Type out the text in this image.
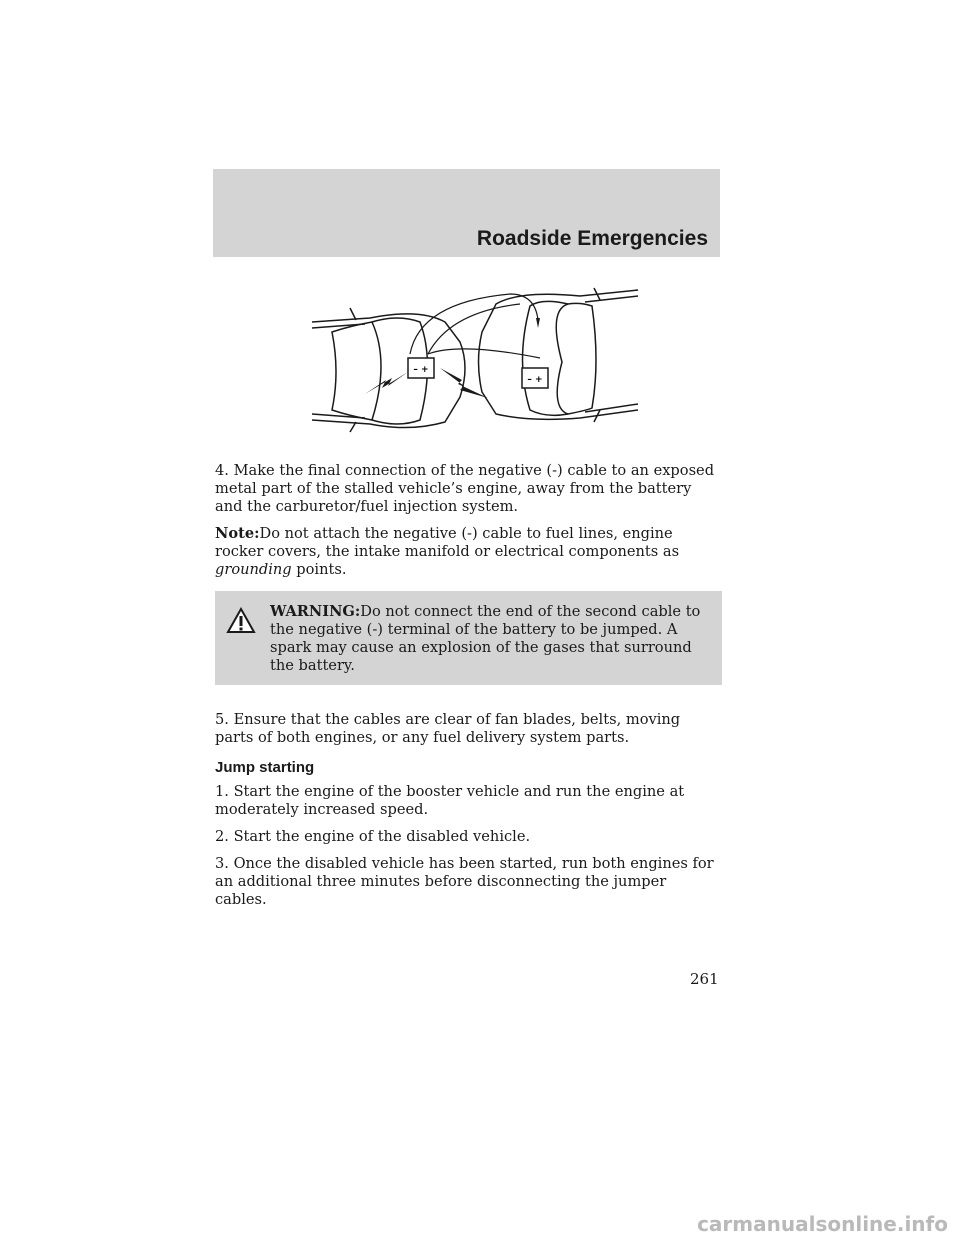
Roadside Emergencies
– +
– +

4. Make the final connection of the negative (-) cable to an exposed metal part of the stalled vehicle’s engine, away from the battery and the carburetor/fuel injection system.

Note:Do not attach the negative (-) cable to fuel lines, engine rocker covers, the intake manifold or electrical components as grounding points.

WARNING:Do not connect the end of the second cable to the negative (-) terminal of the battery to be jumped. A spark may cause an explosion of the gases that surround the battery.

5. Ensure that the cables are clear of fan blades, belts, moving parts of both engines, or any fuel delivery system parts.

Jump starting

1. Start the engine of the booster vehicle and run the engine at moderately increased speed.

2. Start the engine of the disabled vehicle.

3. Once the disabled vehicle has been started, run both engines for an additional three minutes before disconnecting the jumper cables.

261
carmanualsonline.info
